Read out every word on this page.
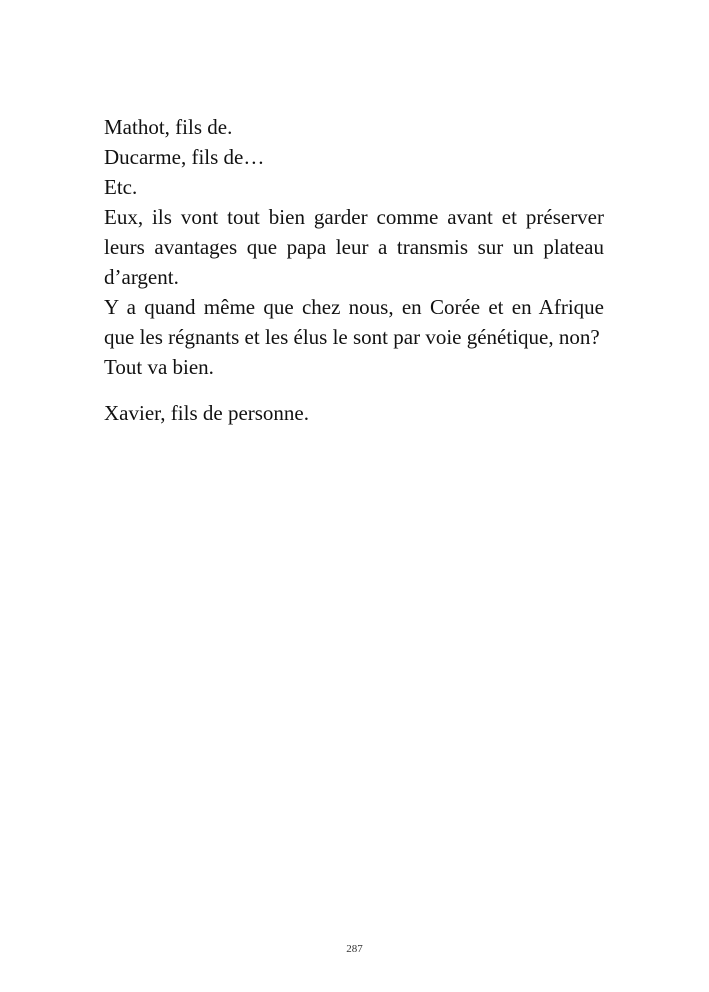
Mathot, fils de.

Ducarme, fils de…

Etc.

Eux, ils vont tout bien garder comme avant et préserver leurs avantages que papa leur a transmis sur un plateau d’argent.

Y a quand même que chez nous, en Corée et en Afrique que les régnants et les élus le sont par voie génétique, non?

Tout va bien.

Xavier, fils de personne.

287
